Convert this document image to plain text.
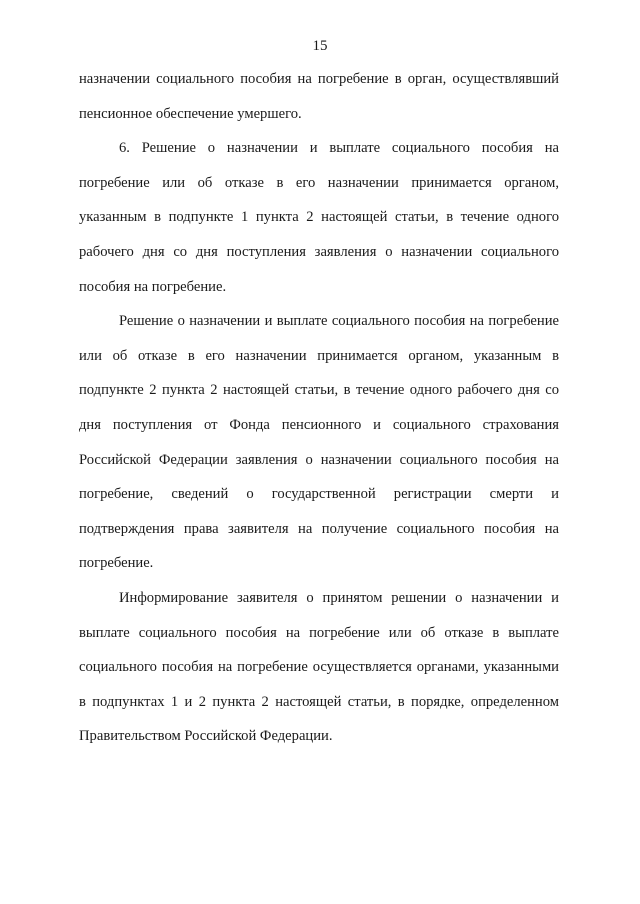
15

назначении социального пособия на погребение в орган, осуществлявший пенсионное обеспечение умершего.

6. Решение о назначении и выплате социального пособия на погребение или об отказе в его назначении принимается органом, указанным в подпункте 1 пункта 2 настоящей статьи, в течение одного рабочего дня со дня поступления заявления о назначении социального пособия на погребение.

Решение о назначении и выплате социального пособия на погребение или об отказе в его назначении принимается органом, указанным в подпункте 2 пункта 2 настоящей статьи, в течение одного рабочего дня со дня поступления от Фонда пенсионного и социального страхования Российской Федерации заявления о назначении социального пособия на погребение, сведений о государственной регистрации смерти и подтверждения права заявителя на получение социального пособия на погребение.

Информирование заявителя о принятом решении о назначении и выплате социального пособия на погребение или об отказе в выплате социального пособия на погребение осуществляется органами, указанными в подпунктах 1 и 2 пункта 2 настоящей статьи, в порядке, определенном Правительством Российской Федерации.
